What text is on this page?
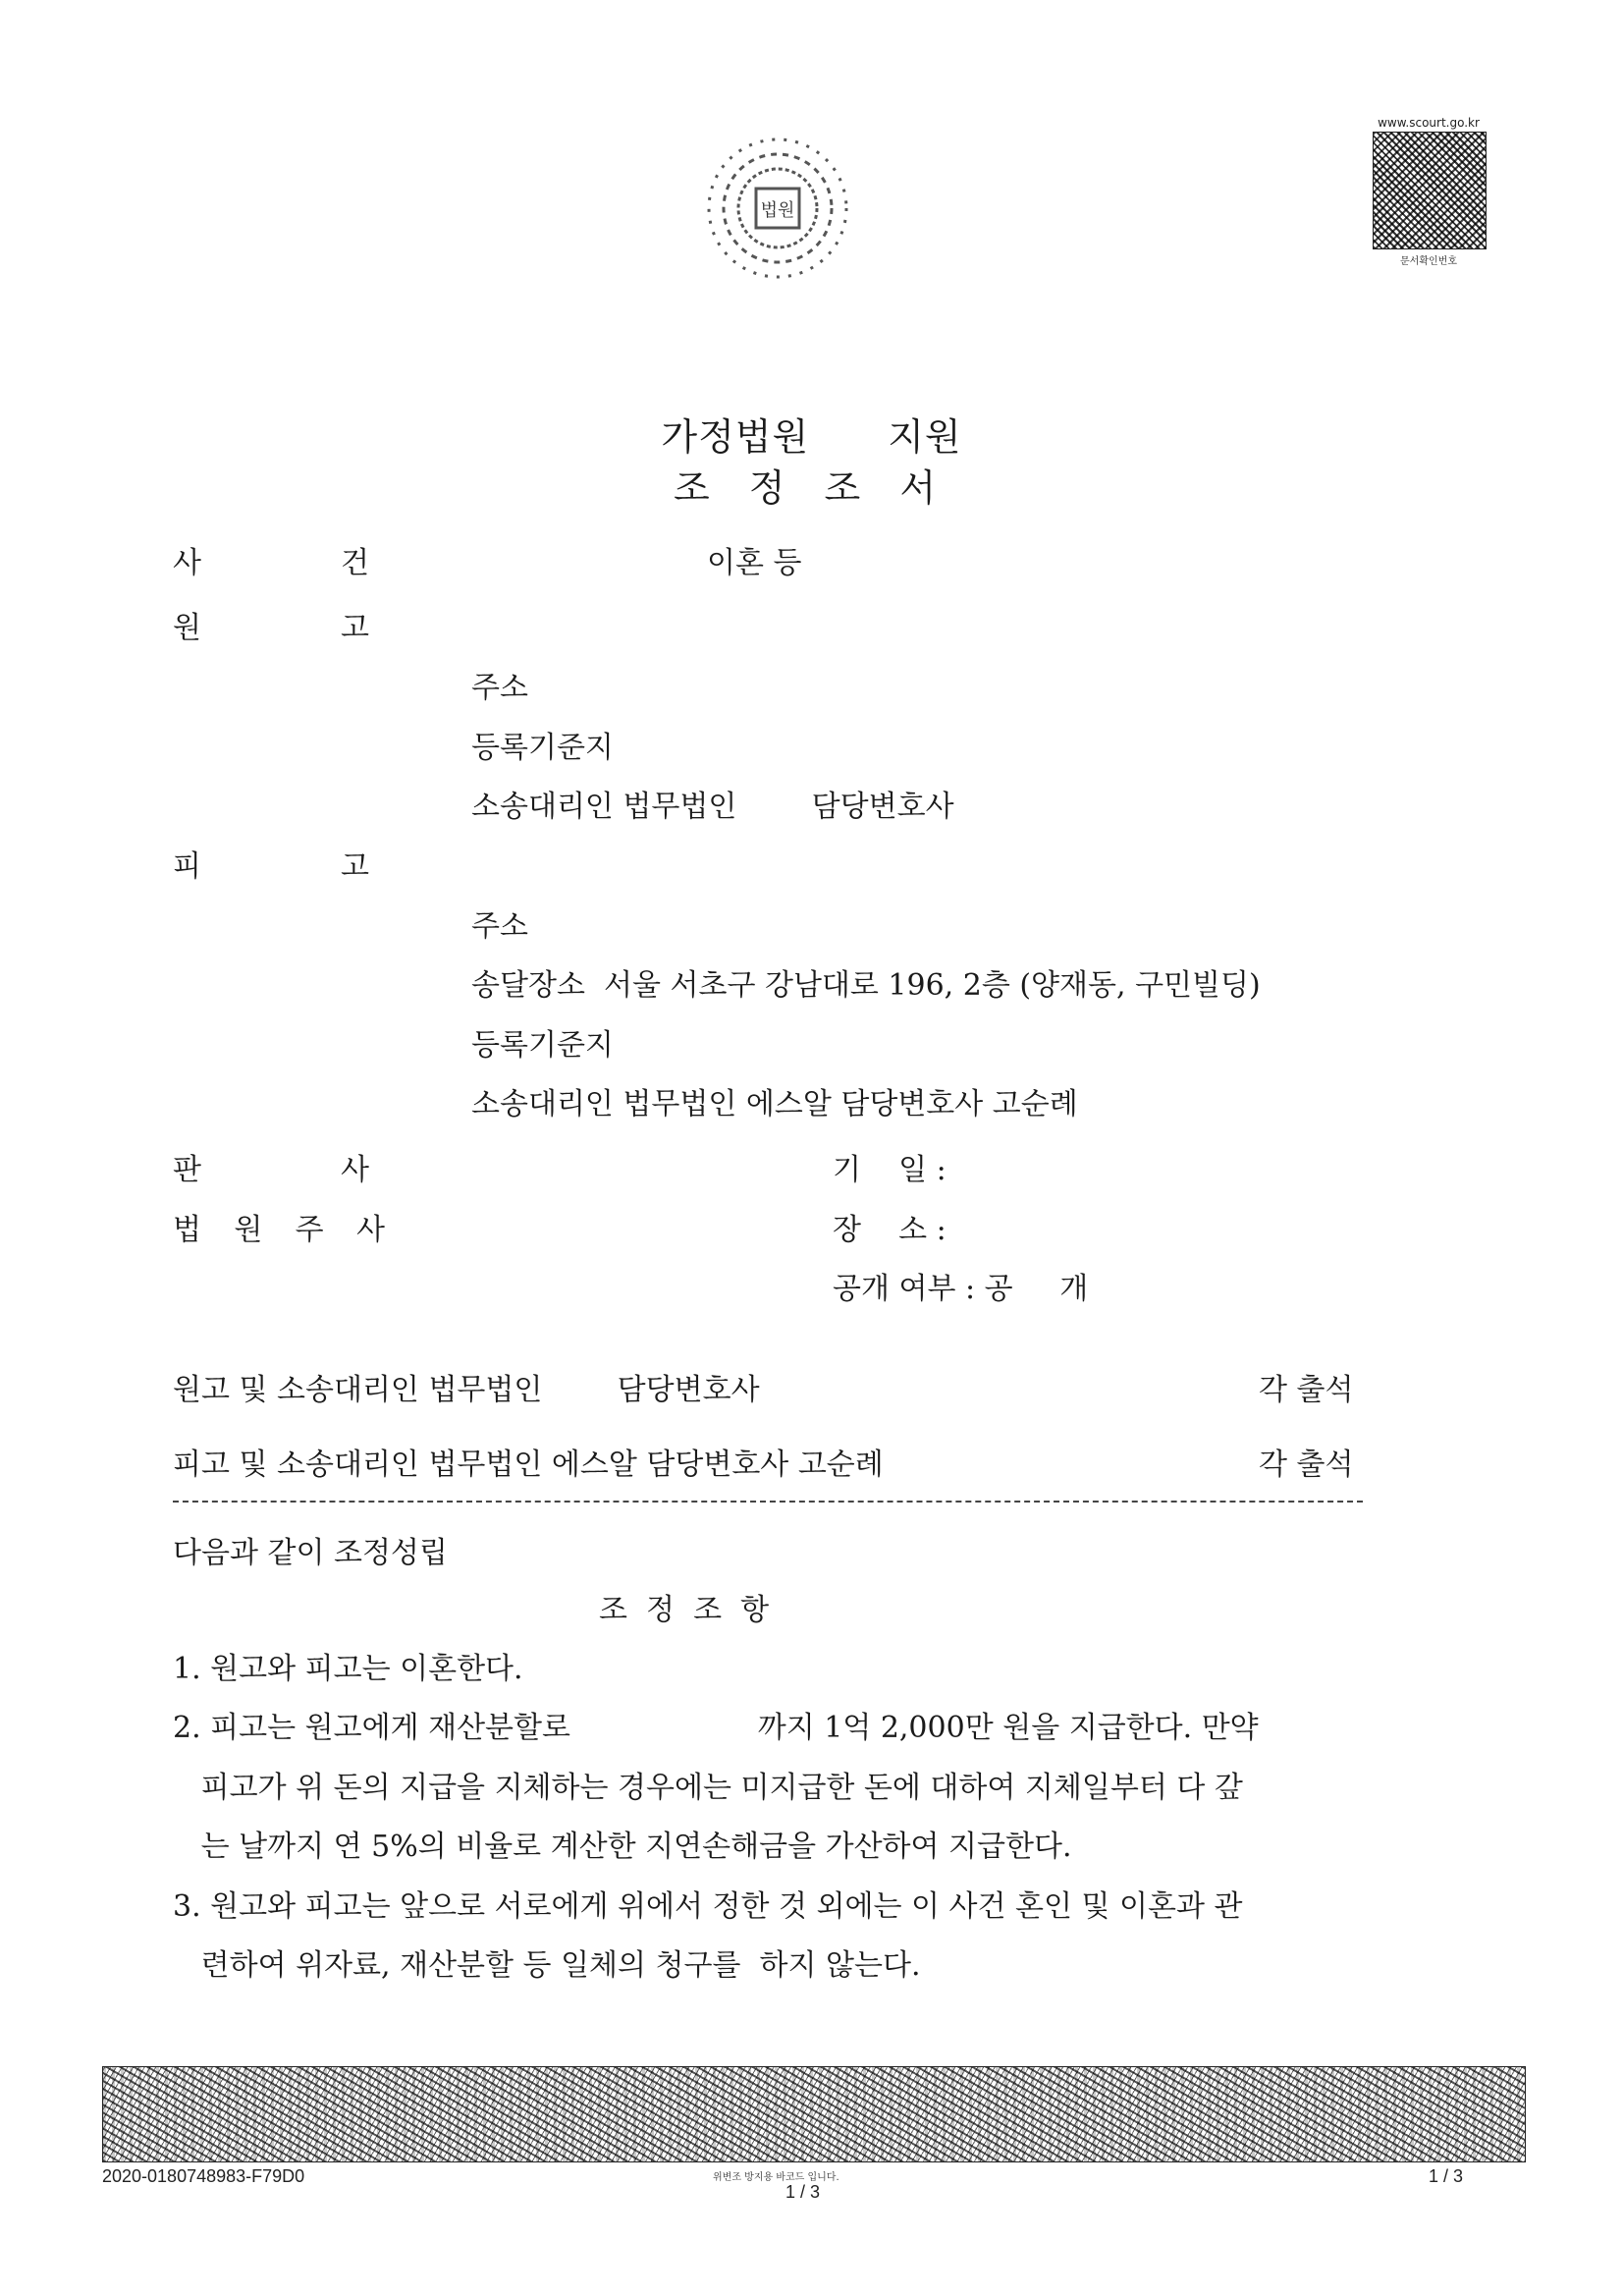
법원
www.scourt.go.kr
문서확인번호
가정법원 지원
조 정 조 서
사	건	이혼 등
원	고
주소
등록기준지
소송대리인 법무법인        담당변호사
피	고
주소
송달장소  서울 서초구 강남대로 196, 2층 (양재동, 구민빌딩)
등록기준지
소송대리인 법무법인 에스알 담당변호사 고순례
판	사
법 원 주 사
기    일 :
장    소 :
공개 여부 : 공     개
원고 및 소송대리인 법무법인        담당변호사	각 출석
피고 및 소송대리인 법무법인 에스알 담당변호사 고순례	각 출석
다음과 같이 조정성립
조  정  조  항
1. 원고와 피고는 이혼한다.
2. 피고는 원고에게 재산분할로                    까지 1억 2,000만 원을 지급한다. 만약
피고가 위 돈의 지급을 지체하는 경우에는 미지급한 돈에 대하여 지체일부터 다 갚
는 날까지 연 5%의 비율로 계산한 지연손해금을 가산하여 지급한다.
3. 원고와 피고는 앞으로 서로에게 위에서 정한 것 외에는 이 사건 혼인 및 이혼과 관
련하여 위자료, 재산분할 등 일체의 청구를  하지 않는다.
2020-0180748983-F79D0	위변조 방지용 바코드 입니다.
1 / 3
1 / 3
